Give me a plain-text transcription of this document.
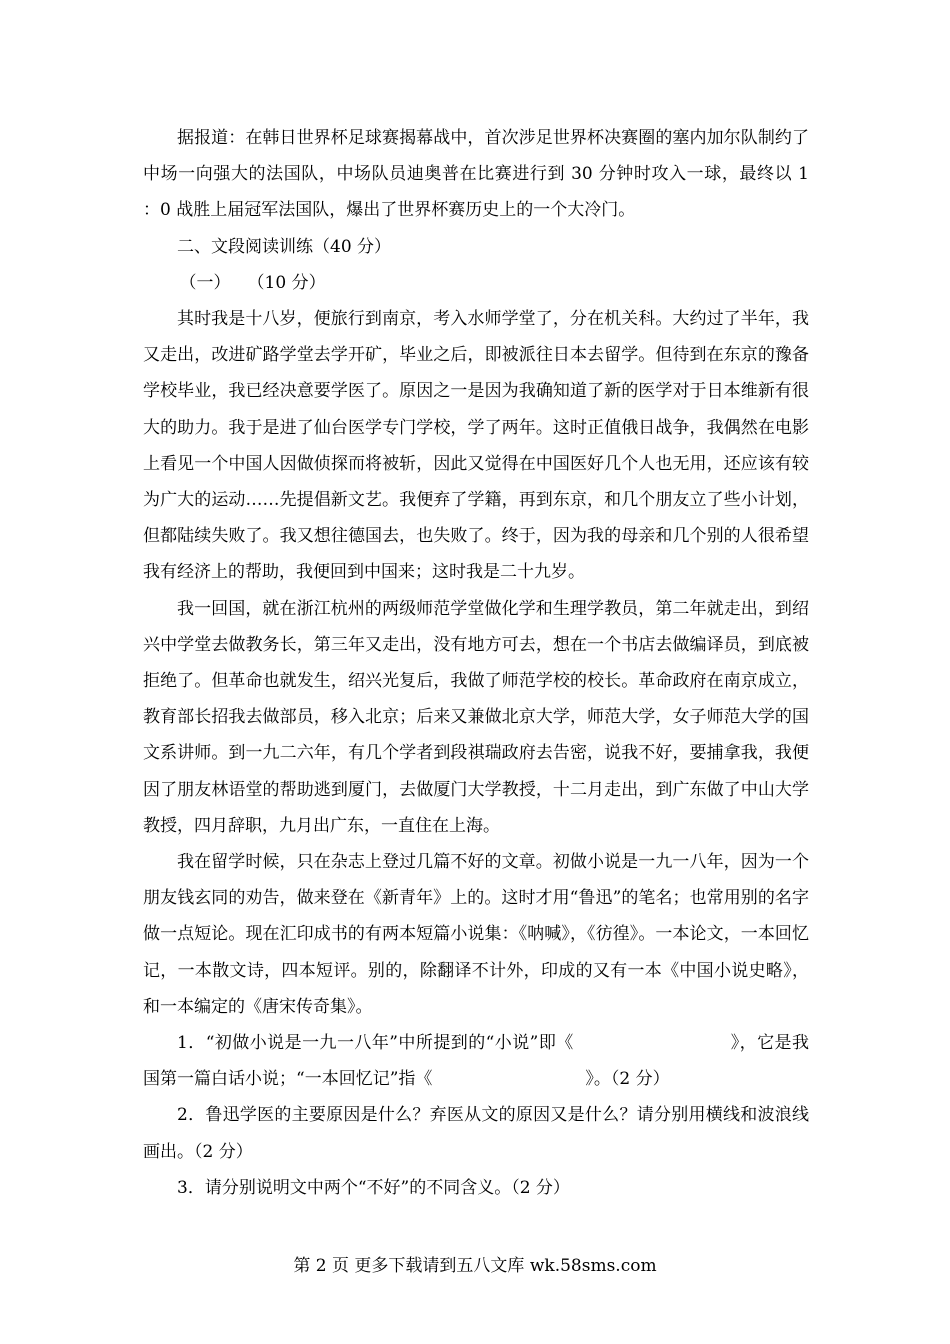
据报道：在韩日世界杯足球赛揭幕战中，首次涉足世界杯决赛圈的塞内加尔队制约了中场一向强大的法国队，中场队员迪奥普在比赛进行到 30 分钟时攻入一球，最终以 1　：0 战胜上届冠军法国队，爆出了世界杯赛历史上的一个大冷门。

二、文段阅读训练（40 分）

（一）　　（10 分）

其时我是十八岁，便旅行到南京，考入水师学堂了，分在机关科。大约过了半年，我又走出，改进矿路学堂去学开矿，毕业之后，即被派往日本去留学。但待到在东京的豫备学校毕业，我已经决意要学医了。原因之一是因为我确知道了新的医学对于日本维新有很大的助力。我于是进了仙台医学专门学校，学了两年。这时正值俄日战争，我偶然在电影上看见一个中国人因做侦探而将被斩，因此又觉得在中国医好几个人也无用，还应该有较为广大的运动……先提倡新文艺。我便弃了学籍，再到东京，和几个朋友立了些小计划，但都陆续失败了。我又想往德国去，也失败了。终于，因为我的母亲和几个别的人很希望我有经济上的帮助，我便回到中国来；这时我是二十九岁。

我一回国，就在浙江杭州的两级师范学堂做化学和生理学教员，第二年就走出，到绍兴中学堂去做教务长，第三年又走出，没有地方可去，想在一个书店去做编译员，到底被拒绝了。但革命也就发生，绍兴光复后，我做了师范学校的校长。革命政府在南京成立，教育部长招我去做部员，移入北京；后来又兼做北京大学，师范大学，女子师范大学的国文系讲师。到一九二六年，有几个学者到段祺瑞政府去告密，说我不好，要捕拿我，我便因了朋友林语堂的帮助逃到厦门，去做厦门大学教授，十二月走出，到广东做了中山大学教授，四月辞职，九月出广东，一直住在上海。

我在留学时候，只在杂志上登过几篇不好的文章。初做小说是一九一八年，因为一个朋友钱玄同的劝告，做来登在《新青年》上的。这时才用“鲁迅”的笔名；也常用别的名字做一点短论。现在汇印成书的有两本短篇小说集：《呐喊》，《彷徨》。一本论文，一本回忆记，一本散文诗，四本短评。别的，除翻译不计外，印成的又有一本《中国小说史略》，和一本编定的《唐宋传奇集》。

1．“初做小说是一九一八年”中所提到的“小说”即《　　　　　　　　　》，它是我国第一篇白话小说；“一本回忆记”指《　　　　　　　　　》。（2 分）

2．鲁迅学医的主要原因是什么？弃医从文的原因又是什么？请分别用横线和波浪线画出。（2 分）

3．请分别说明文中两个“不好”的不同含义。（2 分）

第 2 页 更多下载请到五八文库 wk.58sms.com
